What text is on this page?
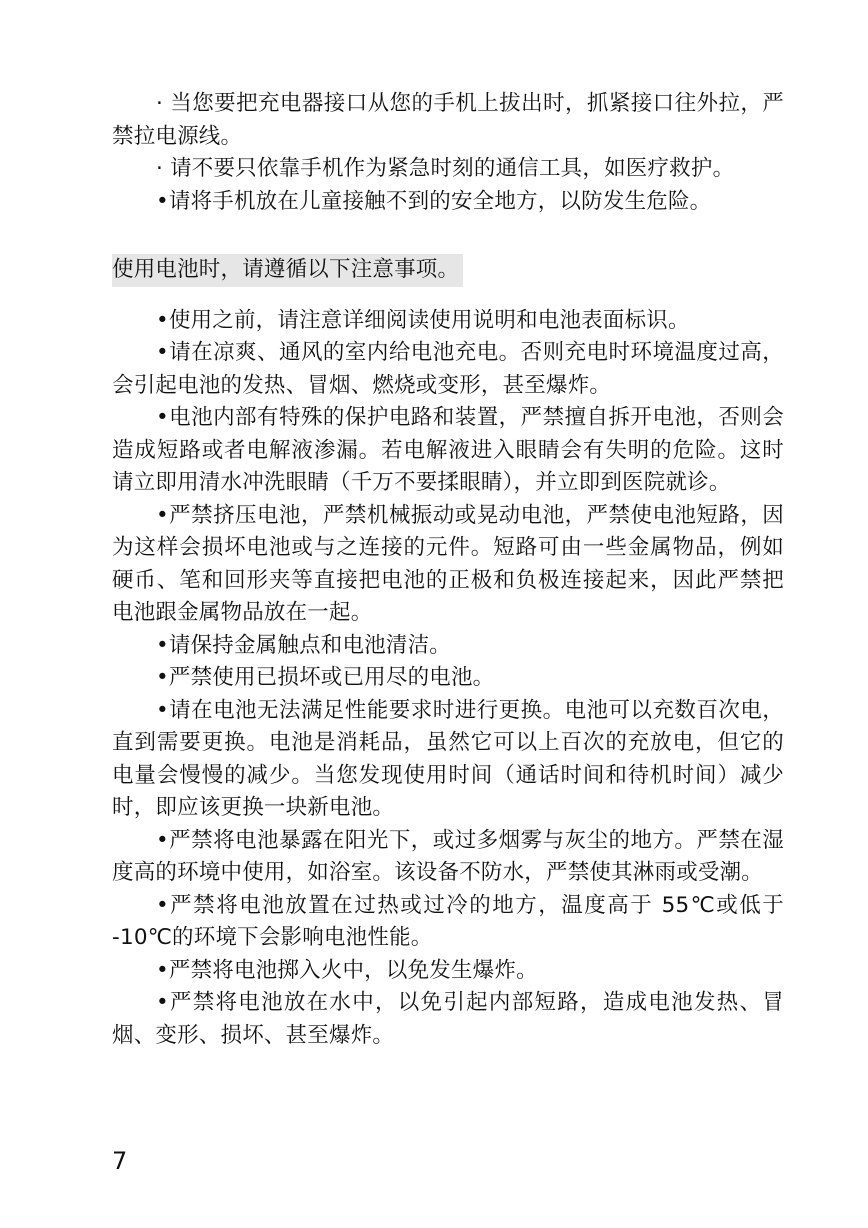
· 当您要把充电器接口从您的手机上拔出时，抓紧接口往外拉，严禁拉电源线。

· 请不要只依靠手机作为紧急时刻的通信工具，如医疗救护。

•请将手机放在儿童接触不到的安全地方，以防发生危险。

使用电池时，请遵循以下注意事项。

•使用之前，请注意详细阅读使用说明和电池表面标识。

•请在凉爽、通风的室内给电池充电。否则充电时环境温度过高，会引起电池的发热、冒烟、燃烧或变形，甚至爆炸。

•电池内部有特殊的保护电路和装置，严禁擅自拆开电池，否则会造成短路或者电解液渗漏。若电解液进入眼睛会有失明的危险。这时请立即用清水冲洗眼睛（千万不要揉眼睛），并立即到医院就诊。

•严禁挤压电池，严禁机械振动或晃动电池，严禁使电池短路，因为这样会损坏电池或与之连接的元件。短路可由一些金属物品，例如硬币、笔和回形夹等直接把电池的正极和负极连接起来，因此严禁把电池跟金属物品放在一起。

•请保持金属触点和电池清洁。

•严禁使用已损坏或已用尽的电池。

•请在电池无法满足性能要求时进行更换。电池可以充数百次电，直到需要更换。电池是消耗品，虽然它可以上百次的充放电，但它的电量会慢慢的减少。当您发现使用时间（通话时间和待机时间）减少时，即应该更换一块新电池。

•严禁将电池暴露在阳光下，或过多烟雾与灰尘的地方。严禁在湿度高的环境中使用，如浴室。该设备不防水，严禁使其淋雨或受潮。

•严禁将电池放置在过热或过冷的地方，温度高于 55℃或低于 -10℃的环境下会影响电池性能。

•严禁将电池掷入火中，以免发生爆炸。

•严禁将电池放在水中，以免引起内部短路，造成电池发热、冒烟、变形、损坏、甚至爆炸。

7
